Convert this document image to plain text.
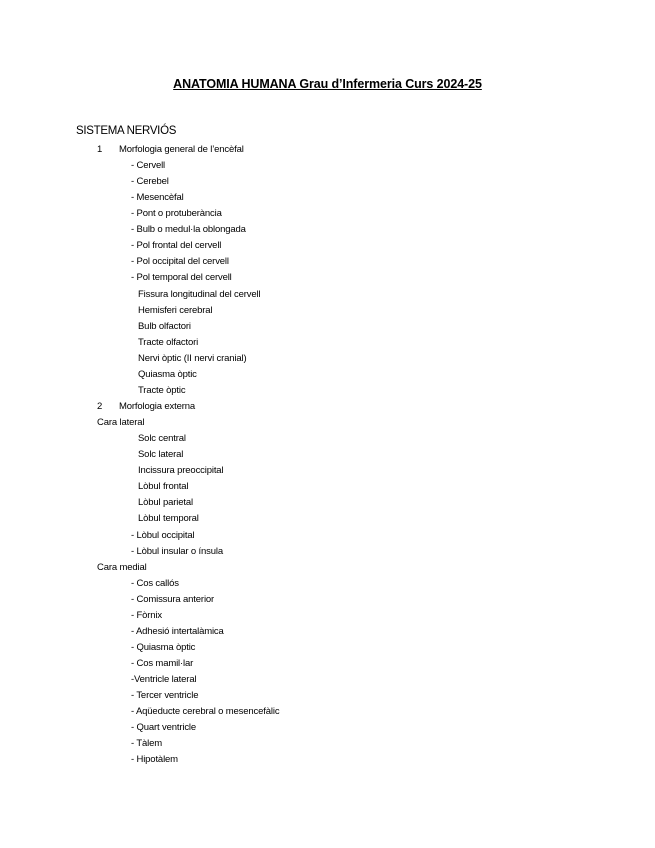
ANATOMIA HUMANA Grau d’Infermeria Curs 2024-25
SISTEMA NERVIÓS
1 Morfologia general de l’encèfal
- Cervell
- Cerebel
- Mesencèfal
- Pont o protuberància
- Bulb o medul·la oblongada
- Pol frontal del cervell
- Pol occipital del cervell
- Pol temporal del cervell
Fissura longitudinal del cervell
Hemisferi cerebral
Bulb olfactori
Tracte olfactori
Nervi òptic (II nervi cranial)
Quiasma òptic
Tracte òptic
2 Morfologia externa
Cara lateral
Solc central
Solc lateral
Incissura preoccipital
Lòbul frontal
Lòbul parietal
Lòbul temporal
- Lòbul occipital
- Lòbul insular o ínsula
Cara medial
- Cos callós
- Comissura anterior
- Fòrnix
- Adhesió intertalàmica
- Quiasma òptic
- Cos mamil·lar
-Ventricle lateral
- Tercer ventricle
- Aqüeducte cerebral o mesencefàlic
- Quart ventricle
- Tàlem
- Hipotàlem
